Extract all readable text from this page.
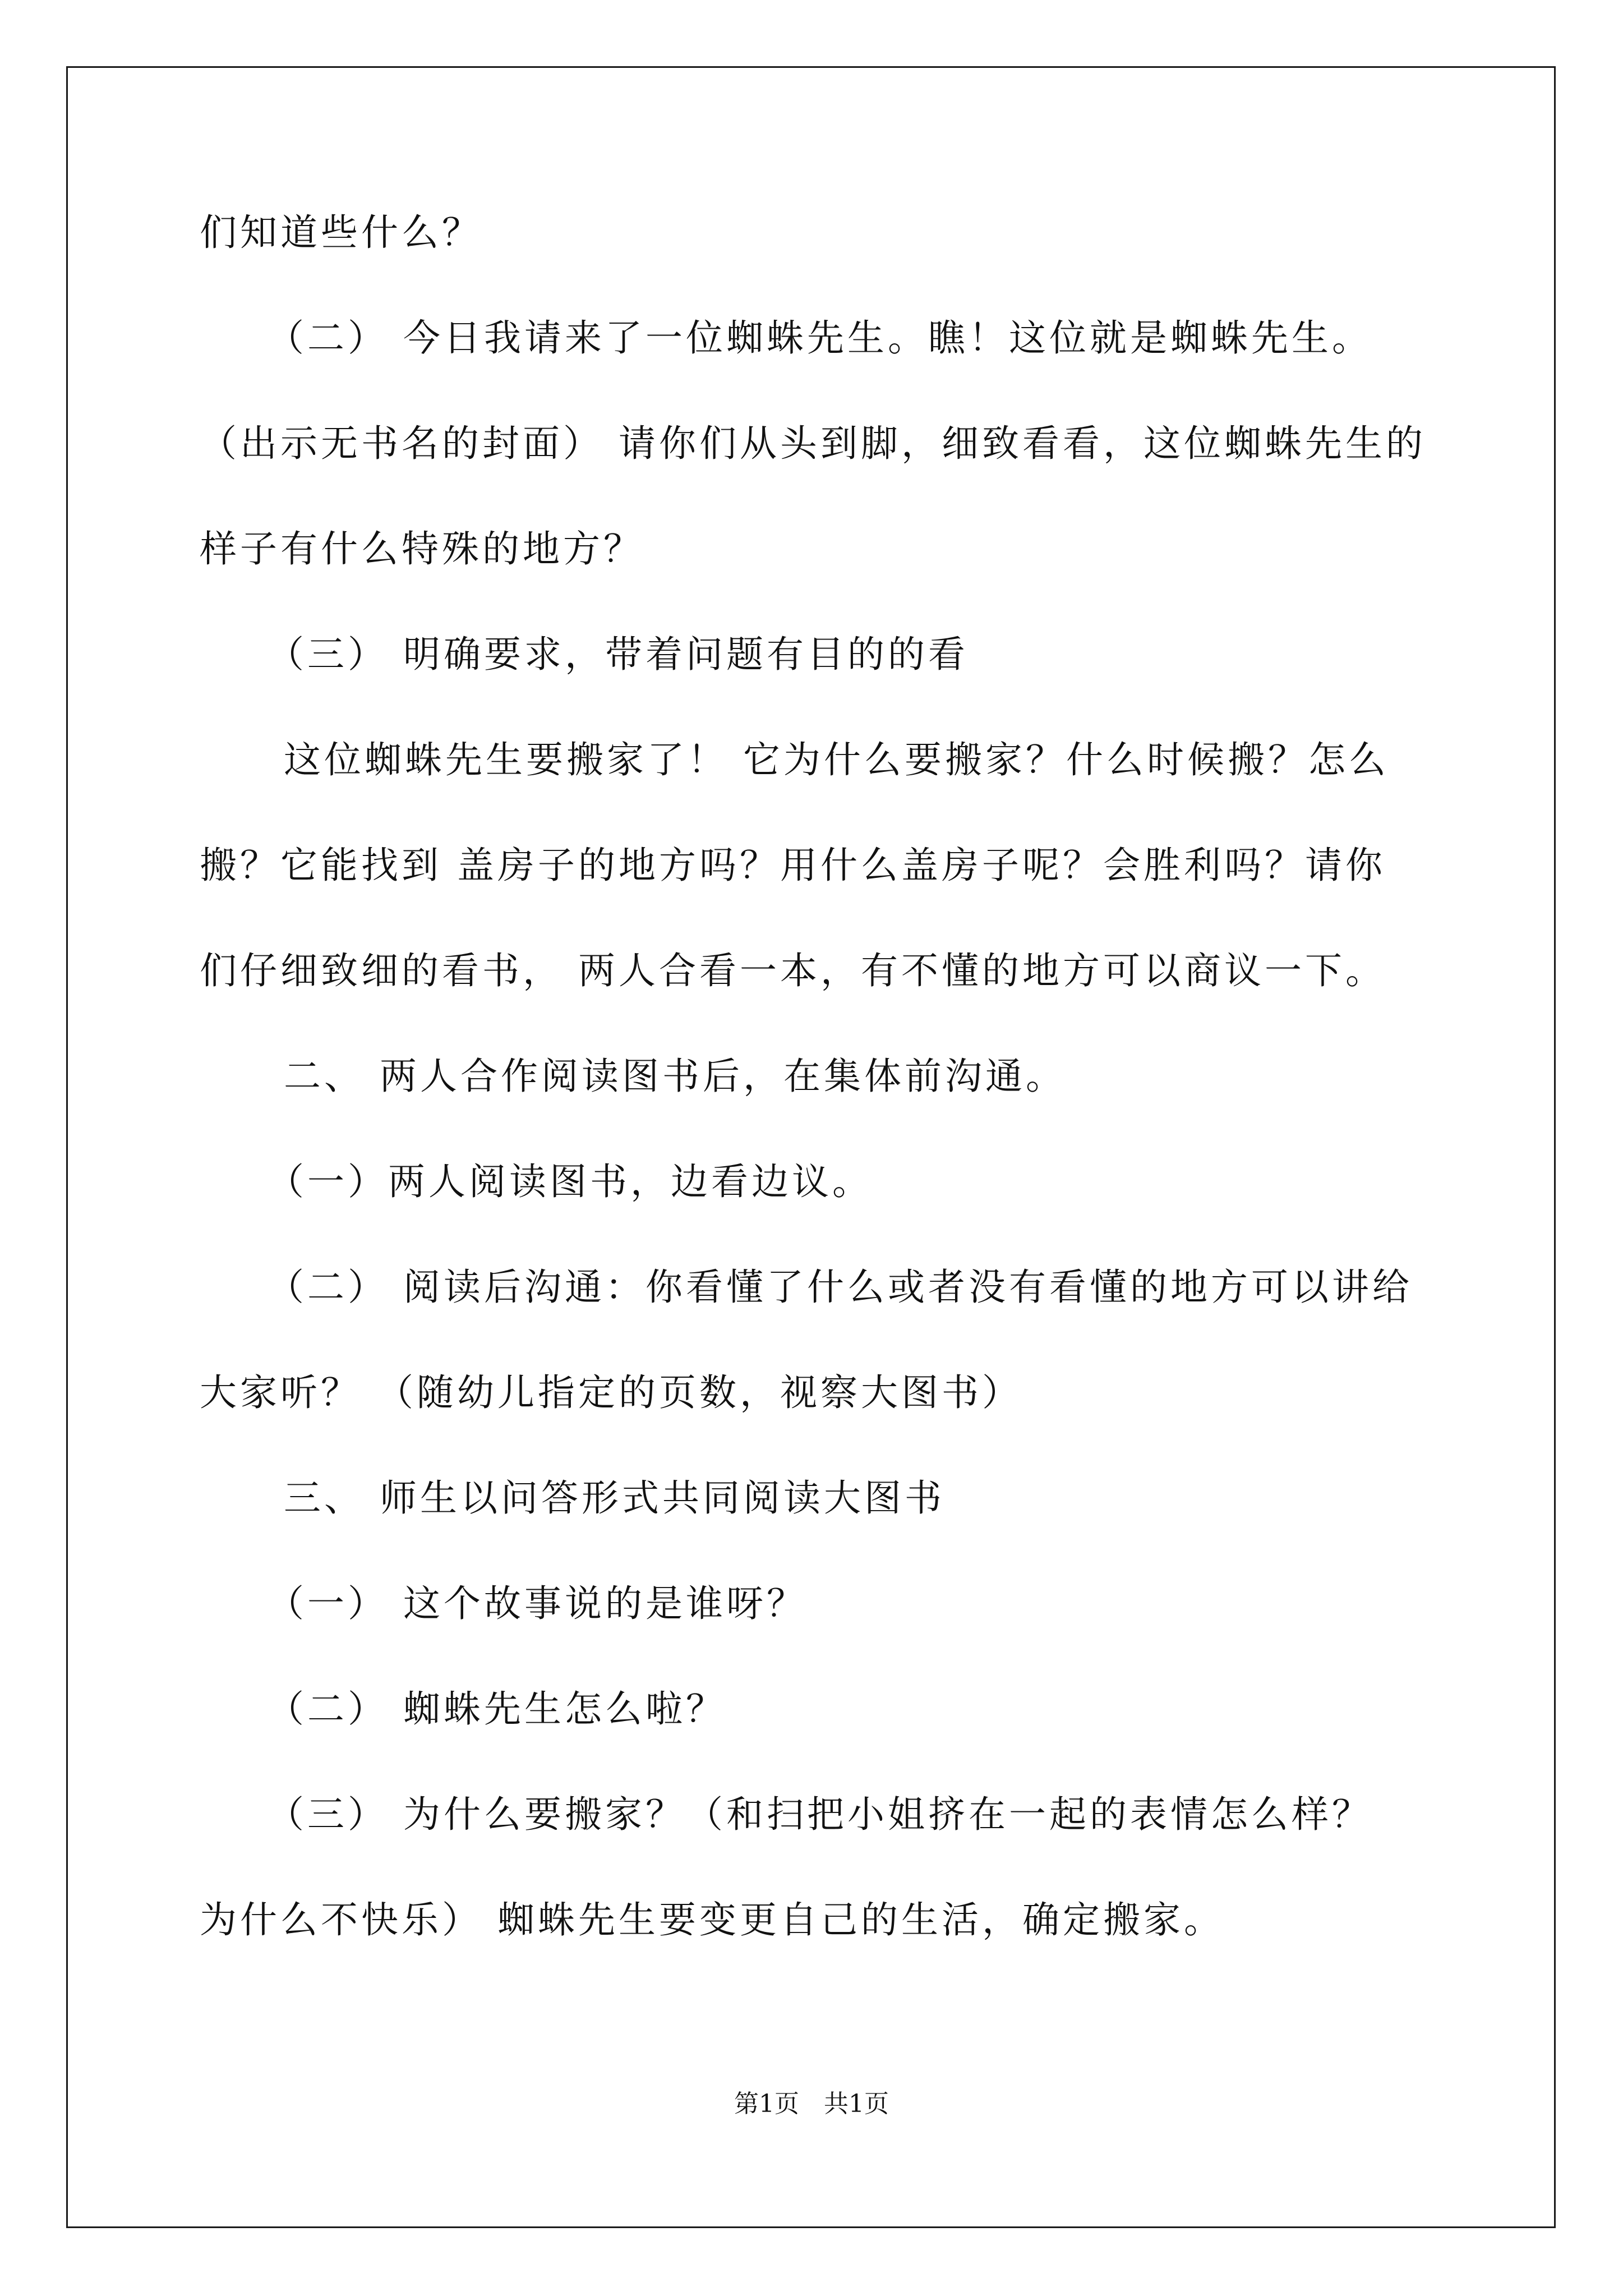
们知道些什么？
（二） 今日我请来了一位蜘蛛先生。瞧！这位就是蜘蛛先生。
（出示无书名的封面） 请你们从头到脚，细致看看，这位蜘蛛先生的
样子有什么特殊的地方？
（三） 明确要求，带着问题有目的的看
这位蜘蛛先生要搬家了！ 它为什么要搬家？什么时候搬？怎么
搬？它能找到 盖房子的地方吗？用什么盖房子呢？会胜利吗？请你
们仔细致细的看书， 两人合看一本，有不懂的地方可以商议一下。
二、 两人合作阅读图书后，在集体前沟通。
（一）两人阅读图书，边看边议。
（二） 阅读后沟通：你看懂了什么或者没有看懂的地方可以讲给
大家听？ （随幼儿指定的页数，视察大图书）
三、 师生以问答形式共同阅读大图书
（一） 这个故事说的是谁呀？
（二） 蜘蛛先生怎么啦？
（三） 为什么要搬家？（和扫把小姐挤在一起的表情怎么样？
为什么不快乐） 蜘蛛先生要变更自己的生活，确定搬家。
第1页　共1页
